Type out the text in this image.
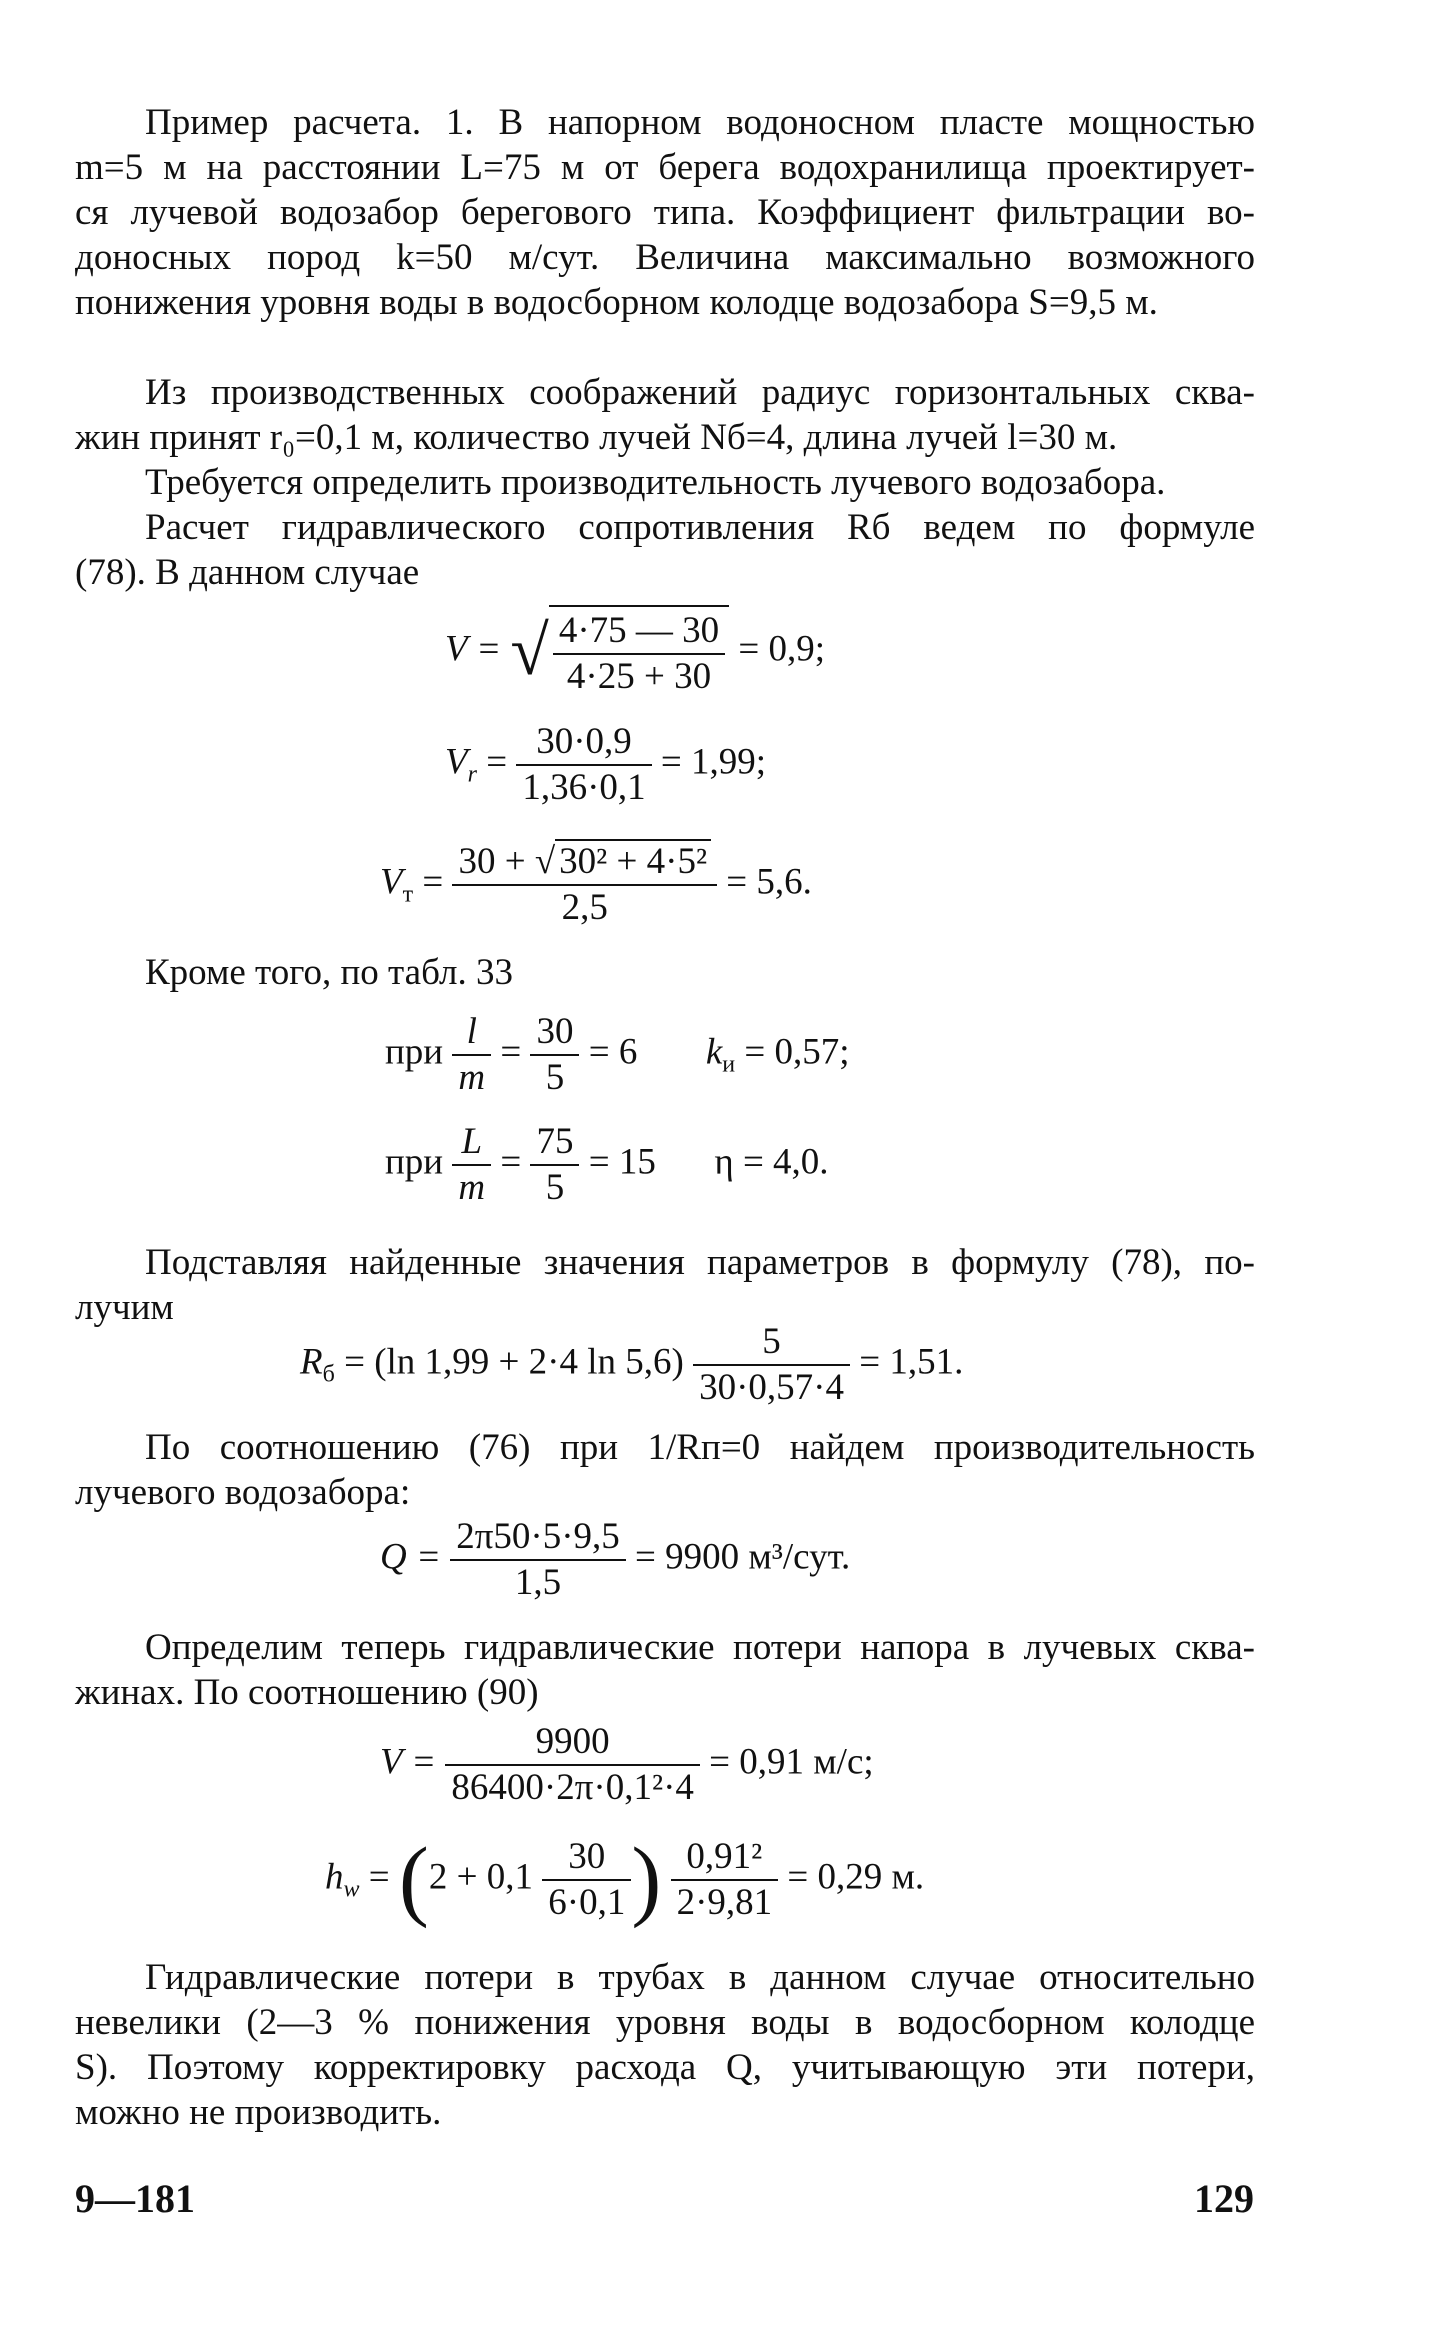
Пример расчета. 1. В напорном водоносном пласте мощностью
m=5 м на расстоянии L=75 м от берега водохранилища проектирует-
ся лучевой водозабор берегового типа. Коэффициент фильтрации во-
доносных пород k=50 м/сут. Величина максимально возможного
понижения уровня воды в водосборном колодце водозабора S=9,5 м.
Из производственных соображений радиус горизонтальных сква-
жин принят r₀=0,1 м, количество лучей Nб=4, длина лучей l=30 м.
Требуется определить производительность лучевого водозабора.
Расчет гидравлического сопротивления Rб ведем по формуле
(78). В данном случае
V = √ $\frac{4\cdot 75 — 30}{4\cdot 25 + 30} = 0,9$;
$V_r = \frac{30\cdot 0,9}{1,36\cdot 0,1} = 1,99$;
$V_т = \frac{\text{30 + √ 30² + 4·5²}}{2,5} = 5,6$.
Кроме того, по табл. 33
при $\frac{l}{m} = \frac{30}{5} = 6$ $k_и = 0,57$;
при $\frac{L}{m} = \frac{75}{5} = 15$ η = 4,0.
Подставляя найденные значения параметров в формулу (78), по-
лучим
$R_б = (\ln$ 1,99 + 2·4 $\ln 5,6) \frac{5}{30\cdot 0,57\cdot 4} = 1,51$.
По соотношению (76) при 1/Rп=0 найдем производительность
лучевого водозабора:
$Q = \frac{2\pi 50\cdot 5\cdot 9,5}{1,5} = 9900$ м³/сут.
Определим теперь гидравлические потери напора в лучевых сква-
жинах. По соотношению (90)
$V = \frac{9900}{\text{86400·2π·0,1²·4}} = 0,91$ м/с;
$h_w = (2 + 0,1 \frac{30}{6\cdot 0,1}$ ) $\frac{\text{0,91²}}{2\cdot 9,81} = 0,29$ м.
Гидравлические потери в трубах в данном случае относительно
невелики (2—3 % понижения уровня воды в водосборном колодце
S). Поэтому корректировку расхода Q, учитывающую эти потери,
можно не производить.
9—181	129
